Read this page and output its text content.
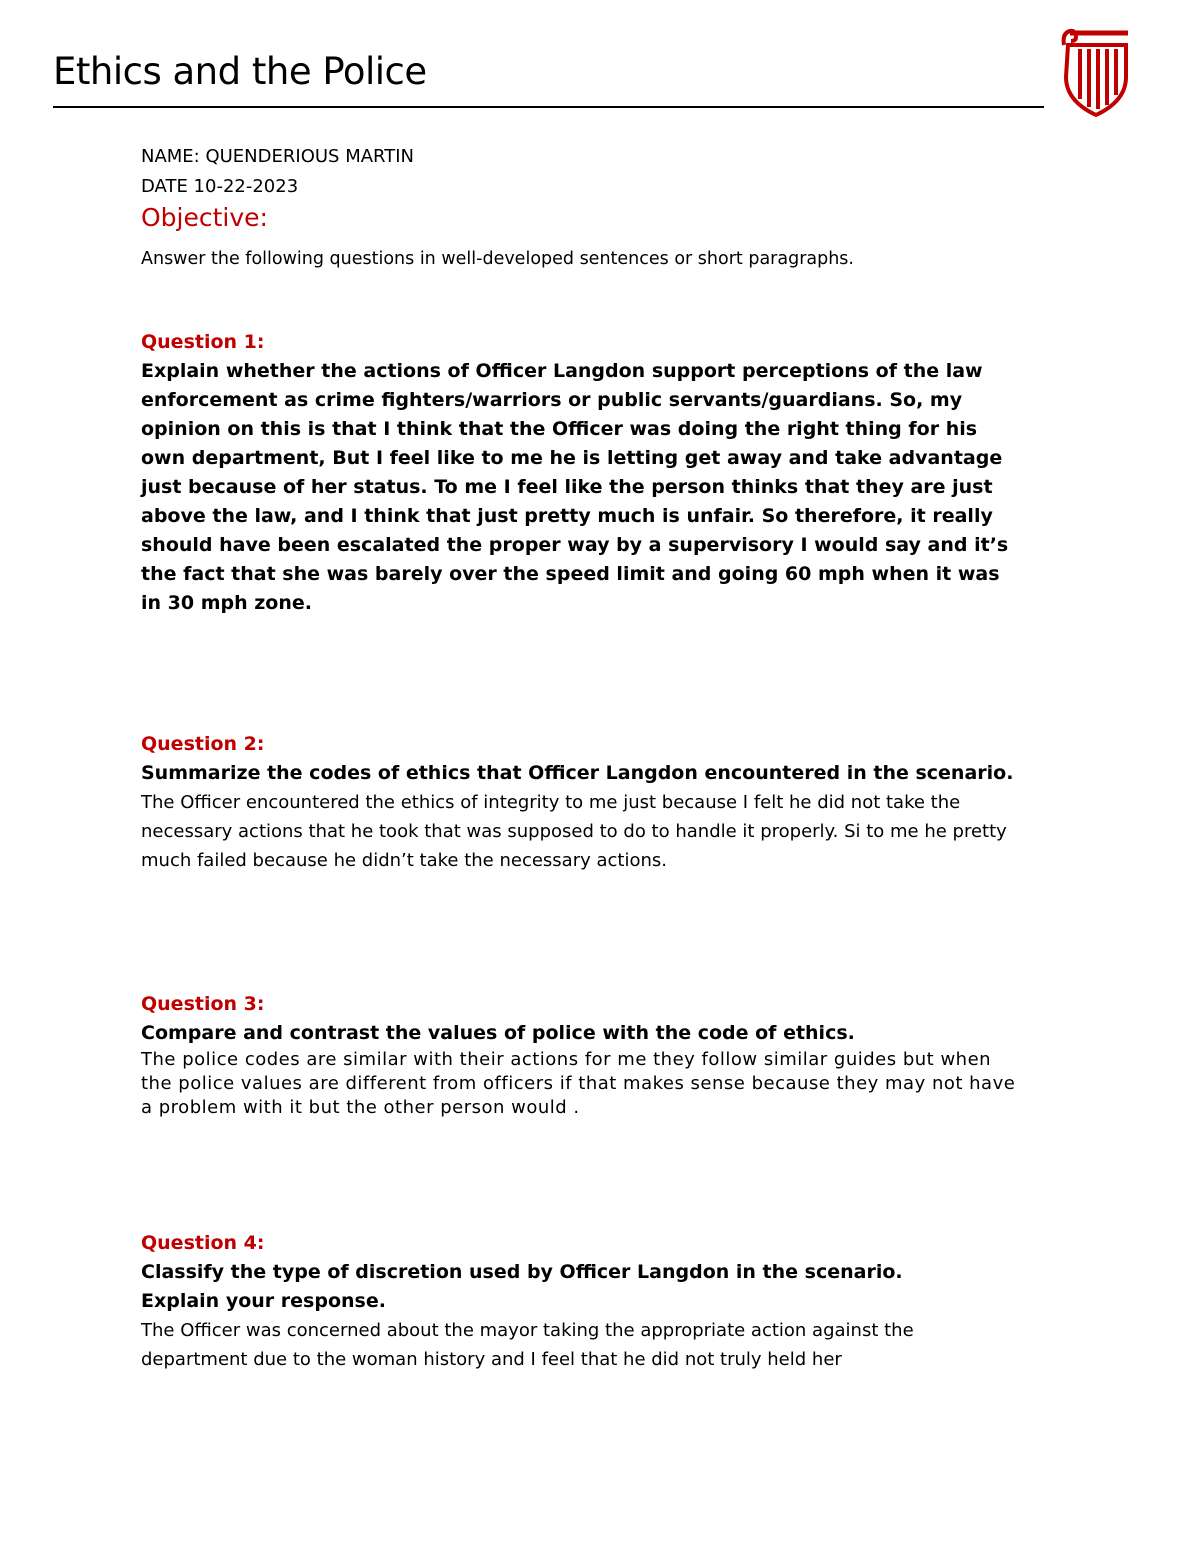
Ethics and the Police
NAME: QUENDERIOUS MARTIN
DATE 10-22-2023
Objective:
Answer the following questions in well-developed sentences or short paragraphs.
Question 1:
Explain whether the actions of Officer Langdon support perceptions of the law enforcement as crime fighters/warriors or public servants/guardians. So, my opinion on this is that I think that the Officer was doing the right thing for his own department, But I feel like to me he is letting get away and take advantage just because of her status. To me I feel like the person thinks that they are just above the law, and I think that just pretty much is unfair. So therefore, it really should have been escalated the proper way by a supervisory I would say and it’s the fact that she was barely over the speed limit and going 60 mph when it was in 30 mph zone.
Question 2:
Summarize the codes of ethics that Officer Langdon encountered in the scenario.
The Officer encountered the ethics of integrity to me just because I felt he did not take the necessary actions that he took that was supposed to do to handle it properly. Si to me he pretty much failed because he didn’t take the necessary actions.
Question 3:
Compare and contrast the values of police with the code of ethics.
The police codes are similar with their actions for me they follow similar guides but when the police values are different from officers if that makes sense because they may not have a problem with it but the other person would .
Question 4:
Classify the type of discretion used by Officer Langdon in the scenario. Explain your response.
The Officer was concerned about the mayor taking the appropriate action against the department due to the woman history and I feel that he did not truly held her
